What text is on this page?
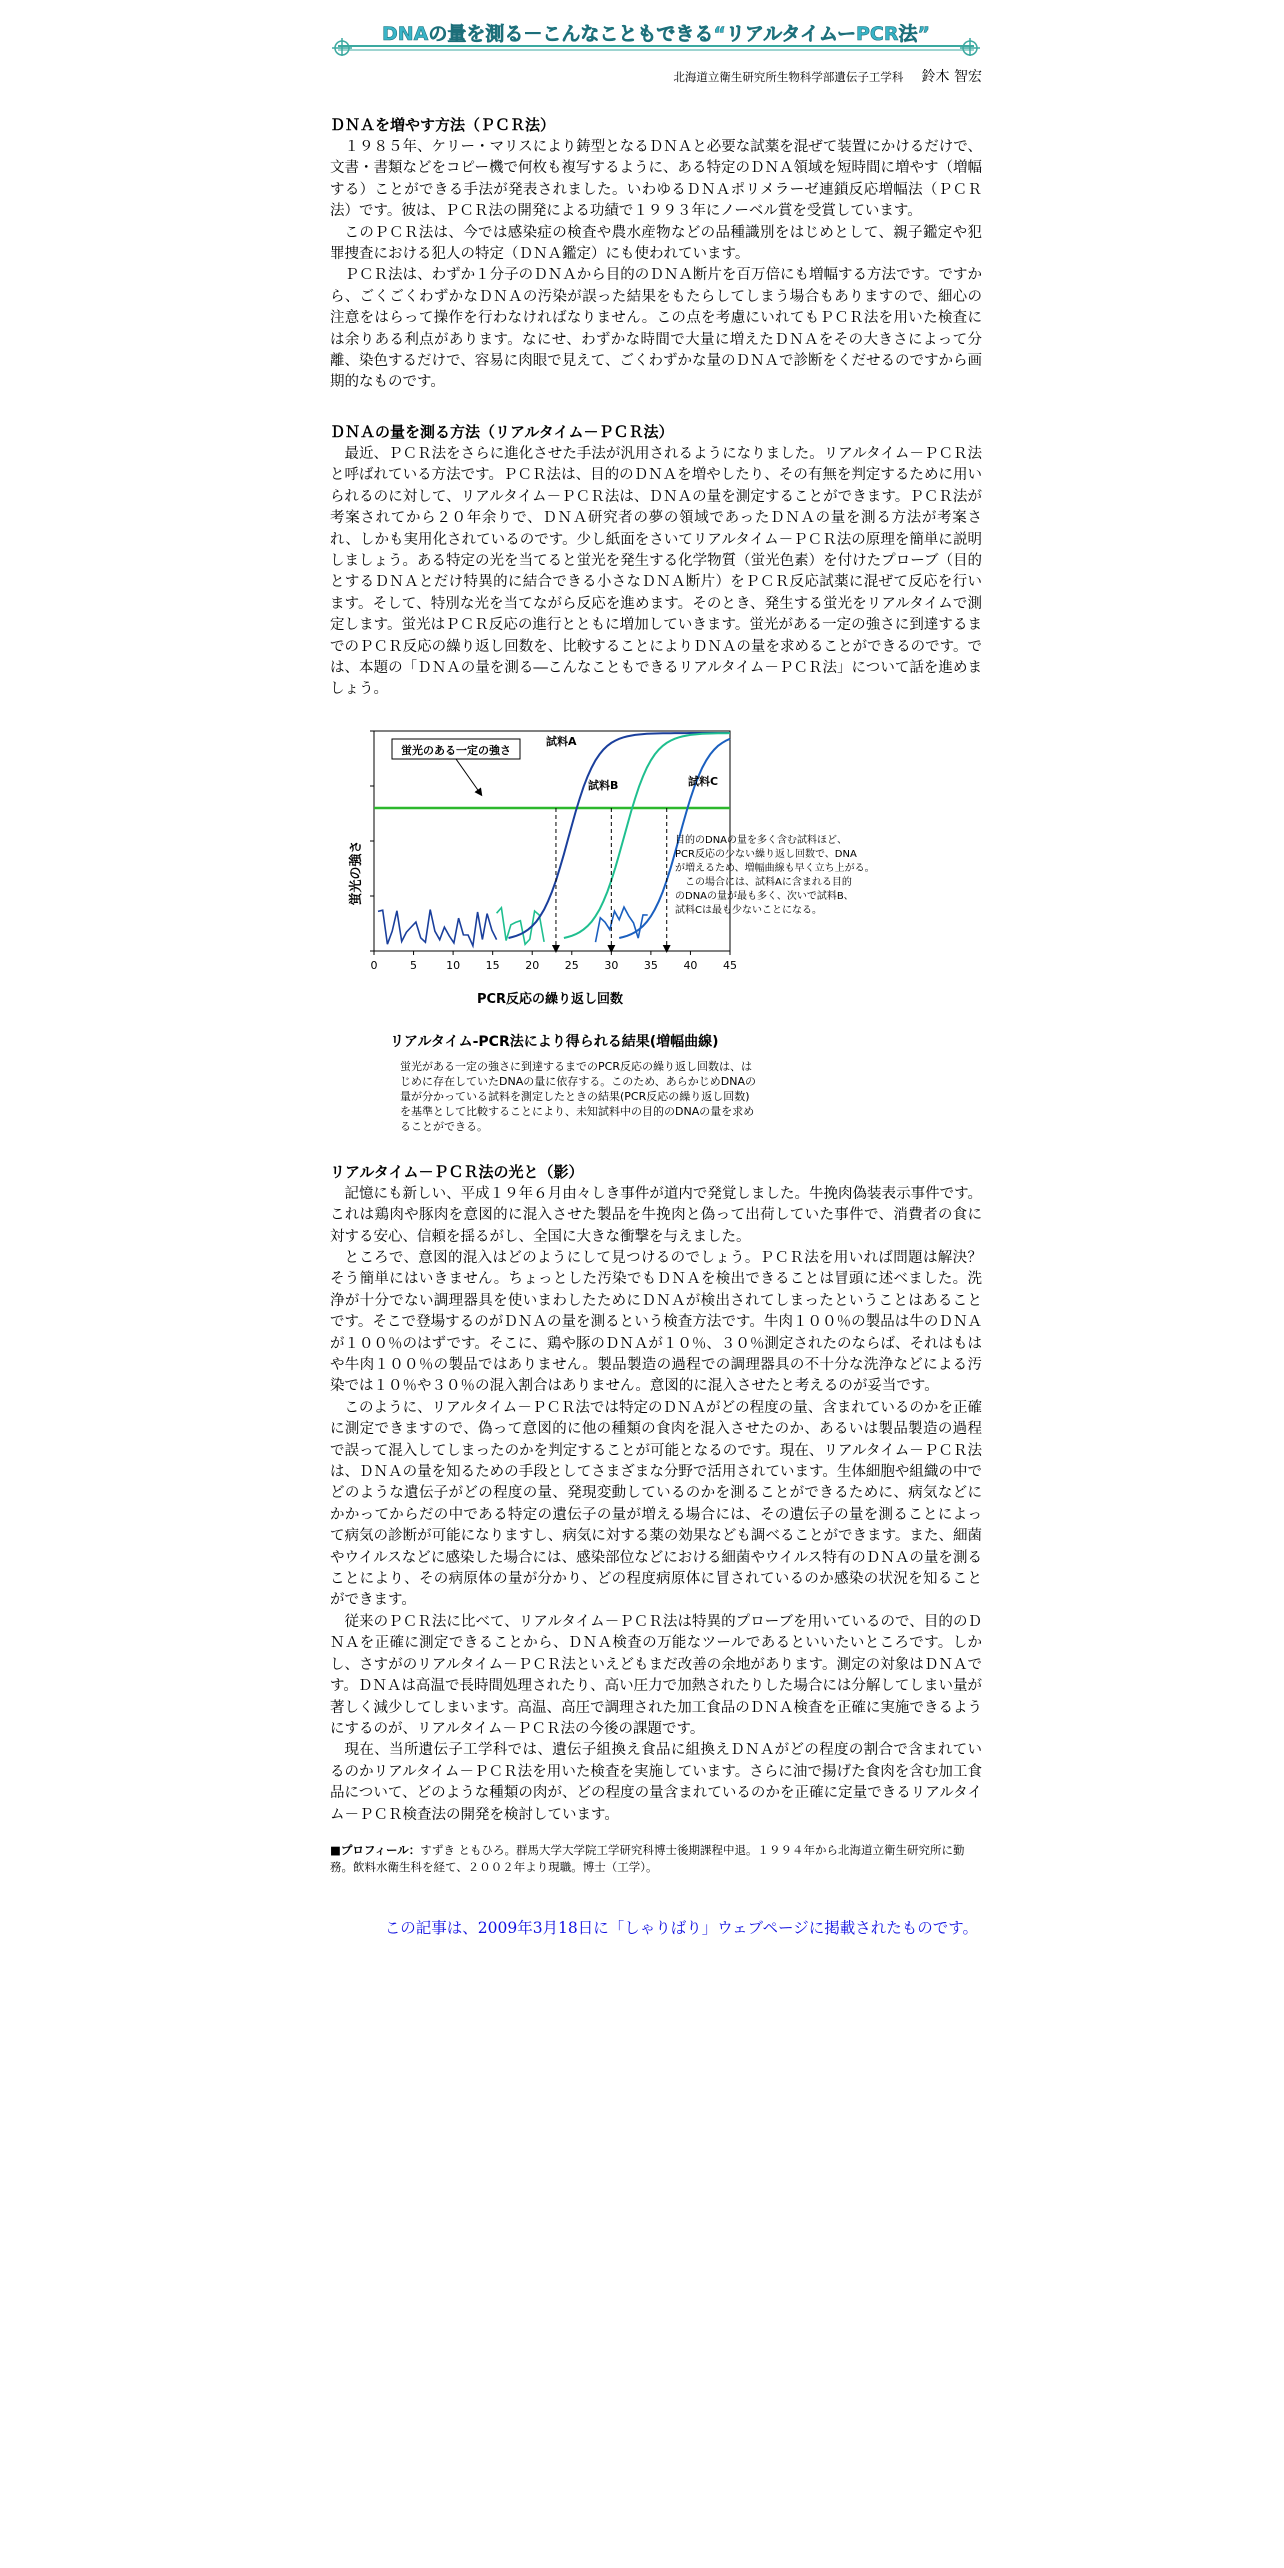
DNAの量を測る－こんなこともできる“リアルタイムーPCR法”
北海道立衛生研究所生物科学部遺伝子工学科 鈴木 智宏
ＤＮＡを増やす方法（ＰＣＲ法）

１９８５年、ケリー・マリスにより鋳型となるＤＮＡと必要な試薬を混ぜて装置にかけるだけで、文書・書類などをコピー機で何枚も複写するように、ある特定のＤＮＡ領域を短時間に増やす（増幅する）ことができる手法が発表されました。いわゆるＤＮＡポリメラーゼ連鎖反応増幅法（ＰＣＲ法）です。彼は、ＰＣＲ法の開発による功績で１９９３年にノーベル賞を受賞しています。

このＰＣＲ法は、今では感染症の検査や農水産物などの品種識別をはじめとして、親子鑑定や犯罪捜査における犯人の特定（ＤＮＡ鑑定）にも使われています。

ＰＣＲ法は、わずか１分子のＤＮＡから目的のＤＮＡ断片を百万倍にも増幅する方法です。ですから、ごくごくわずかなＤＮＡの汚染が誤った結果をもたらしてしまう場合もありますので、細心の注意をはらって操作を行わなければなりません。この点を考慮にいれてもＰＣＲ法を用いた検査には余りある利点があります。なにせ、わずかな時間で大量に増えたＤＮＡをその大きさによって分離、染色するだけで、容易に肉眼で見えて、ごくわずかな量のＤＮＡで診断をくだせるのですから画期的なものです。

ＤＮＡの量を測る方法（リアルタイム－ＰＣＲ法）

最近、ＰＣＲ法をさらに進化させた手法が汎用されるようになりました。リアルタイム－ＰＣＲ法と呼ばれている方法です。ＰＣＲ法は、目的のＤＮＡを増やしたり、その有無を判定するために用いられるのに対して、リアルタイム－ＰＣＲ法は、ＤＮＡの量を測定することができます。ＰＣＲ法が考案されてから２０年余りで、ＤＮＡ研究者の夢の領域であったＤＮＡの量を測る方法が考案され、しかも実用化されているのです。少し紙面をさいてリアルタイム－ＰＣＲ法の原理を簡単に説明しましょう。ある特定の光を当てると蛍光を発生する化学物質（蛍光色素）を付けたプローブ（目的とするＤＮＡとだけ特異的に結合できる小さなＤＮＡ断片）をＰＣＲ反応試薬に混ぜて反応を行います。そして、特別な光を当てながら反応を進めます。そのとき、発生する蛍光をリアルタイムで測定します。蛍光はＰＣＲ反応の進行とともに増加していきます。蛍光がある一定の強さに到達するまでのＰＣＲ反応の繰り返し回数を、比較することによりＤＮＡの量を求めることができるのです。では、本題の「ＤＮＡの量を測る―こんなこともできるリアルタイム－ＰＣＲ法」について話を進めましょう。

0	5	10 15 20 25 30 35 40 45
蛍光の強さ
PCR反応の繰り返し回数
蛍光のある一定の強さ
試料A
試料B	試料C
目的のDNAの量を多く含む試料ほど、
PCR反応の少ない繰り返し回数で、DNA
が増えるため、増幅曲線も早く立ち上がる。
この場合には、試料Aに含まれる目的
のDNAの量が最も多く、次いで試料B、
試料Cは最も少ないことになる。
リアルタイム-PCR法により得られる結果(増幅曲線)
蛍光がある一定の強さに到達するまでのPCR反応の繰り返し回数は、はじめに存在していたDNAの量に依存する。このため、あらかじめDNAの量が分かっている試料を測定したときの結果(PCR反応の繰り返し回数)を基準として比較することにより、未知試料中の目的のDNAの量を求めることができる。
リアルタイム－ＰＣＲ法の光と（影）

記憶にも新しい、平成１９年６月由々しき事件が道内で発覚しました。牛挽肉偽装表示事件です。これは鶏肉や豚肉を意図的に混入させた製品を牛挽肉と偽って出荷していた事件で、消費者の食に対する安心、信頼を揺るがし、全国に大きな衝撃を与えました。

ところで、意図的混入はどのようにして見つけるのでしょう。ＰＣＲ法を用いれば問題は解決？　そう簡単にはいきません。ちょっとした汚染でもＤＮＡを検出できることは冒頭に述べました。洗浄が十分でない調理器具を使いまわしたためにＤＮＡが検出されてしまったということはあることです。そこで登場するのがＤＮＡの量を測るという検査方法です。牛肉１００％の製品は牛のＤＮＡが１００％のはずです。そこに、鶏や豚のＤＮＡが１０％、３０％測定されたのならば、それはもはや牛肉１００％の製品ではありません。製品製造の過程での調理器具の不十分な洗浄などによる汚染では１０％や３０％の混入割合はありません。意図的に混入させたと考えるのが妥当です。

このように、リアルタイム－ＰＣＲ法では特定のＤＮＡがどの程度の量、含まれているのかを正確に測定できますので、偽って意図的に他の種類の食肉を混入させたのか、あるいは製品製造の過程で誤って混入してしまったのかを判定することが可能となるのです。現在、リアルタイム－ＰＣＲ法は、ＤＮＡの量を知るための手段としてさまざまな分野で活用されています。生体細胞や組織の中でどのような遺伝子がどの程度の量、発現変動しているのかを測ることができるために、病気などにかかってからだの中である特定の遺伝子の量が増える場合には、その遺伝子の量を測ることによって病気の診断が可能になりますし、病気に対する薬の効果なども調べることができます。また、細菌やウイルスなどに感染した場合には、感染部位などにおける細菌やウイルス特有のＤＮＡの量を測ることにより、その病原体の量が分かり、どの程度病原体に冒されているのか感染の状況を知ることができます。

従来のＰＣＲ法に比べて、リアルタイム－ＰＣＲ法は特異的プローブを用いているので、目的のＤＮＡを正確に測定できることから、ＤＮＡ検査の万能なツールであるといいたいところです。しかし、さすがのリアルタイム－ＰＣＲ法といえどもまだ改善の余地があります。測定の対象はＤＮＡです。ＤＮＡは高温で長時間処理されたり、高い圧力で加熱されたりした場合には分解してしまい量が著しく減少してしまいます。高温、高圧で調理された加工食品のＤＮＡ検査を正確に実施できるようにするのが、リアルタイム－ＰＣＲ法の今後の課題です。

現在、当所遺伝子工学科では、遺伝子組換え食品に組換えＤＮＡがどの程度の割合で含まれているのかリアルタイム－ＰＣＲ法を用いた検査を実施しています。さらに油で揚げた食肉を含む加工食品について、どのような種類の肉が、どの程度の量含まれているのかを正確に定量できるリアルタイム－ＰＣＲ検査法の開発を検討しています。

■プロフィール：すずき ともひろ。群馬大学大学院工学研究科博士後期課程中退。１９９４年から北海道立衛生研究所に勤務。飲料水衛生科を経て、２００２年より現職。博士（工学）。
この記事は、2009年3月18日に「しゃりばり」ウェブページに掲載されたものです。
